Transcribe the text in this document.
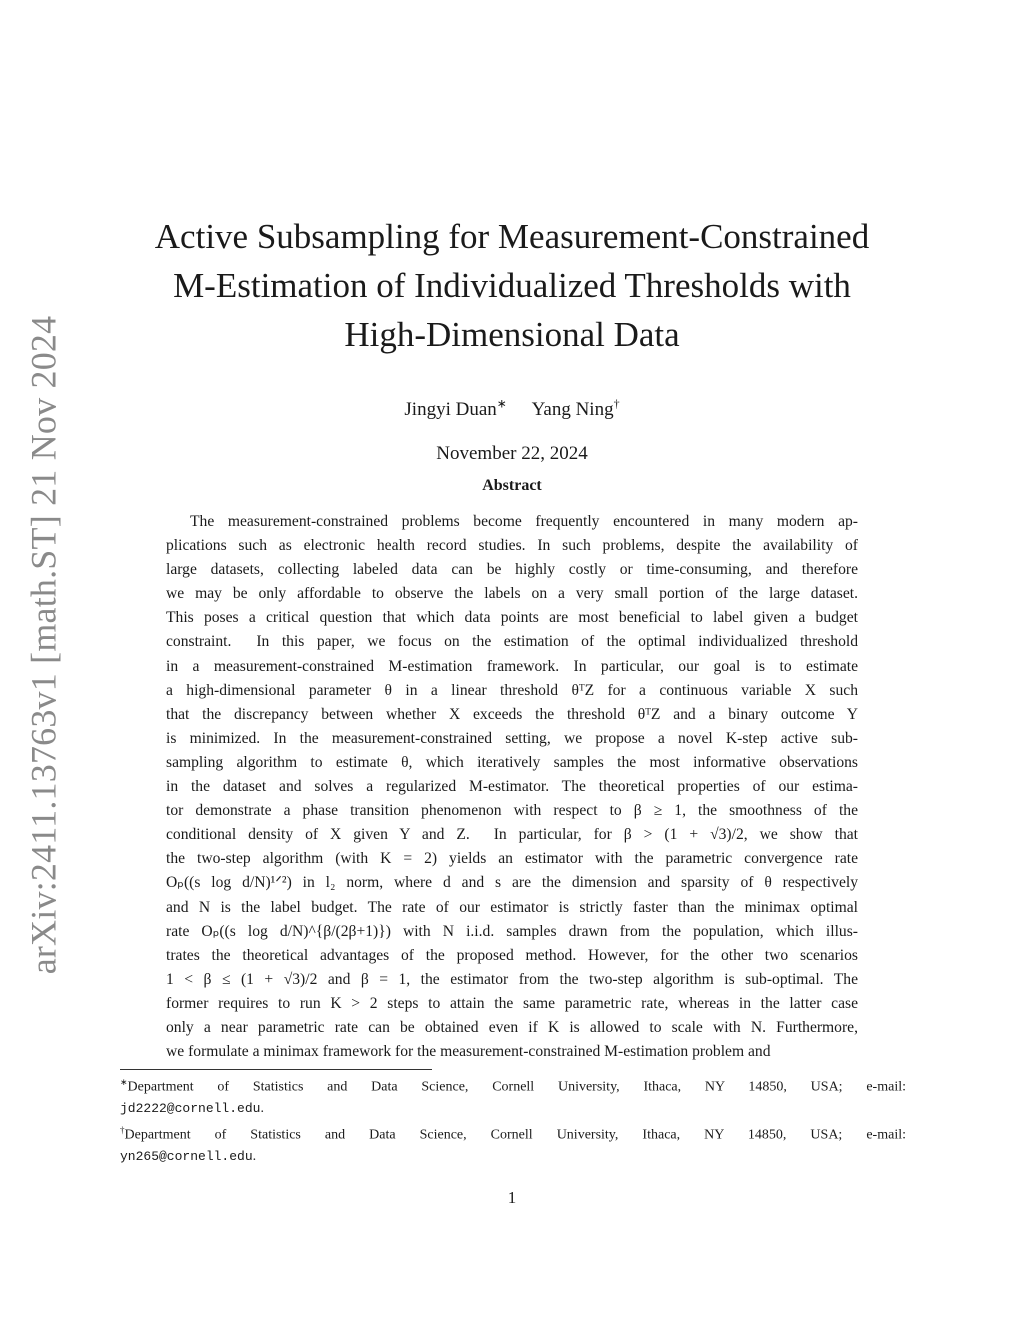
arXiv:2411.13763v1 [math.ST] 21 Nov 2024
Active Subsampling for Measurement-Constrained
M-Estimation of Individualized Thresholds with
High-Dimensional Data
Jingyi Duan∗ Yang Ning†
November 22, 2024
Abstract
The measurement-constrained problems become frequently encountered in many modern ap-
plications such as electronic health record studies. In such problems, despite the availability of
large datasets, collecting labeled data can be highly costly or time-consuming, and therefore
we may be only affordable to observe the labels on a very small portion of the large dataset.
This poses a critical question that which data points are most beneficial to label given a budget
constraint.  In this paper, we focus on the estimation of the optimal individualized threshold
in a measurement-constrained M-estimation framework. In particular, our goal is to estimate
a high-dimensional parameter θ in a linear threshold θᵀZ for a continuous variable X such
that the discrepancy between whether X exceeds the threshold θᵀZ and a binary outcome Y
is minimized. In the measurement-constrained setting, we propose a novel K-step active sub-
sampling algorithm to estimate θ, which iteratively samples the most informative observations
in the dataset and solves a regularized M-estimator. The theoretical properties of our estima-
tor demonstrate a phase transition phenomenon with respect to β ≥ 1, the smoothness of the
conditional density of X given Y and Z.  In particular, for β > (1 + √3)/2, we show that
the two-step algorithm (with K = 2) yields an estimator with the parametric convergence rate
Oₚ((s log d/N)¹ᐟ²) in l₂ norm, where d and s are the dimension and sparsity of θ respectively
and N is the label budget. The rate of our estimator is strictly faster than the minimax optimal
rate Oₚ((s log d/N)^{β/(2β+1)}) with N i.i.d. samples drawn from the population, which illus-
trates the theoretical advantages of the proposed method. However, for the other two scenarios
1 < β ≤ (1 + √3)/2 and β = 1, the estimator from the two-step algorithm is sub-optimal. The
former requires to run K > 2 steps to attain the same parametric rate, whereas in the latter case
only a near parametric rate can be obtained even if K is allowed to scale with N. Furthermore,
we formulate a minimax framework for the measurement-constrained M-estimation problem and
∗Department of Statistics and Data Science, Cornell University, Ithaca, NY 14850, USA; e-mail:
jd2222@cornell.edu.
†Department of Statistics and Data Science, Cornell University, Ithaca, NY 14850, USA; e-mail:
yn265@cornell.edu.
1
